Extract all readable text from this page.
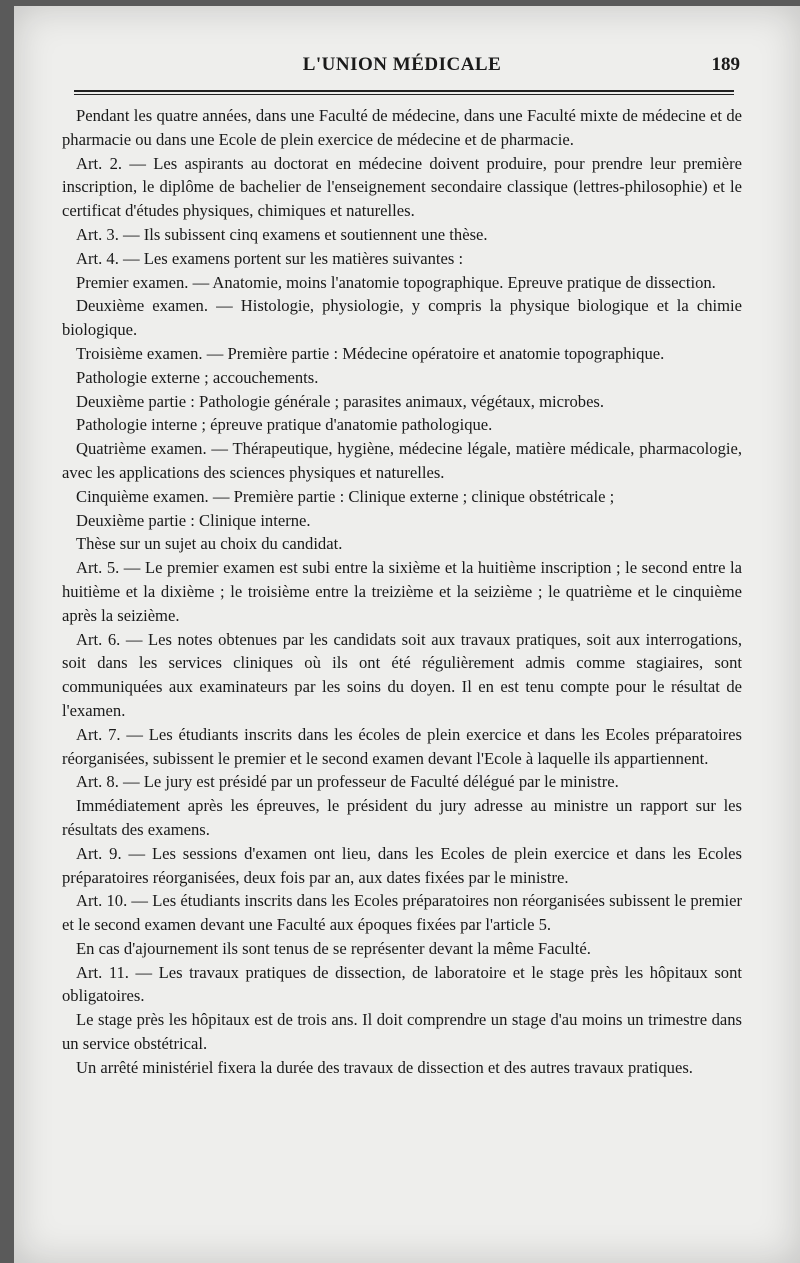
L'UNION MÉDICALE	189

Pendant les quatre années, dans une Faculté de médecine, dans une Faculté mixte de médecine et de pharmacie ou dans une Ecole de plein exercice de médecine et de pharmacie.

Art. 2. — Les aspirants au doctorat en médecine doivent produire, pour prendre leur première inscription, le diplôme de bachelier de l'enseignement secondaire classique (lettres-philosophie) et le certificat d'études physiques, chimiques et naturelles.

Art. 3. — Ils subissent cinq examens et soutiennent une thèse.

Art. 4. — Les examens portent sur les matières suivantes :

Premier examen. — Anatomie, moins l'anatomie topographique. Epreuve pratique de dissection.

Deuxième examen. — Histologie, physiologie, y compris la physique biologique et la chimie biologique.

Troisième examen. — Première partie : Médecine opératoire et anatomie topographique.

Pathologie externe ; accouchements.

Deuxième partie : Pathologie générale ; parasites animaux, végétaux, microbes.

Pathologie interne ; épreuve pratique d'anatomie pathologique.

Quatrième examen. — Thérapeutique, hygiène, médecine légale, matière médicale, pharmacologie, avec les applications des sciences physiques et naturelles.

Cinquième examen. — Première partie : Clinique externe ; clinique obstétricale ;

Deuxième partie : Clinique interne.

Thèse sur un sujet au choix du candidat.

Art. 5. — Le premier examen est subi entre la sixième et la huitième inscription ; le second entre la huitième et la dixième ; le troisième entre la treizième et la seizième ; le quatrième et le cinquième après la seizième.

Art. 6. — Les notes obtenues par les candidats soit aux travaux pratiques, soit aux interrogations, soit dans les services cliniques où ils ont été régulièrement admis comme stagiaires, sont communiquées aux examinateurs par les soins du doyen. Il en est tenu compte pour le résultat de l'examen.

Art. 7. — Les étudiants inscrits dans les écoles de plein exercice et dans les Ecoles préparatoires réorganisées, subissent le premier et le second examen devant l'Ecole à laquelle ils appartiennent.

Art. 8. — Le jury est présidé par un professeur de Faculté délégué par le ministre.

Immédiatement après les épreuves, le président du jury adresse au ministre un rapport sur les résultats des examens.

Art. 9. — Les sessions d'examen ont lieu, dans les Ecoles de plein exercice et dans les Ecoles préparatoires réorganisées, deux fois par an, aux dates fixées par le ministre.

Art. 10. — Les étudiants inscrits dans les Ecoles préparatoires non réorganisées subissent le premier et le second examen devant une Faculté aux époques fixées par l'article 5.

En cas d'ajournement ils sont tenus de se représenter devant la même Faculté.

Art. 11. — Les travaux pratiques de dissection, de laboratoire et le stage près les hôpitaux sont obligatoires.

Le stage près les hôpitaux est de trois ans. Il doit comprendre un stage d'au moins un trimestre dans un service obstétrical.

Un arrêté ministériel fixera la durée des travaux de dissection et des autres travaux pratiques.
